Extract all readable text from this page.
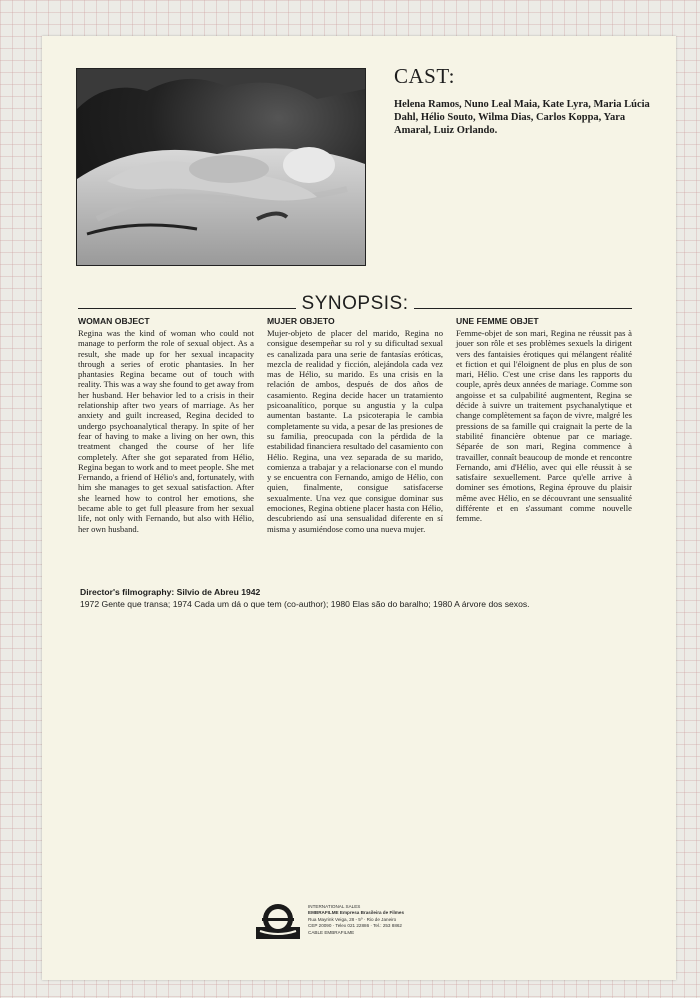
CAST:
Helena Ramos, Nuno Leal Maia, Kate Lyra, Maria Lúcia Dahl, Hélio Souto, Wilma Dias, Carlos Koppa, Yara Amaral, Luiz Orlando.
SYNOPSIS:
WOMAN OBJECT

Regina was the kind of woman who could not manage to perform the role of sexual object. As a result, she made up for her sexual incapacity through a series of erotic phantasies. In her phantasies Regina became out of touch with reality. This was a way she found to get away from her husband. Her behavior led to a crisis in their relationship after two years of marriage. As her anxiety and guilt increased, Regina decided to undergo psychoanalytical therapy. In spite of her fear of having to make a living on her own, this treatment changed the course of her life completely. After she got separated from Hélio, Regina began to work and to meet people. She met Fernando, a friend of Hélio's and, fortunately, with him she manages to get sexual satisfaction. After she learned how to control her emotions, she became able to get full pleasure from her sexual life, not only with Fernando, but also with Hélio, her own husband.

MUJER OBJETO

Mujer-objeto de placer del marido, Regina no consigue desempeñar su rol y su dificultad sexual es canalizada para una serie de fantasías eróticas, mezcla de realidad y ficción, alejándola cada vez mas de Hélio, su marido. Es una crisis en la relación de ambos, después de dos años de casamiento. Regina decide hacer un tratamiento psicoanalítico, porque su angustia y la culpa aumentan bastante. La psicoterapia le cambia completamente su vida, a pesar de las presiones de su familia, preocupada con la pérdida de la estabilidad financiera resultado del casamiento con Hélio. Regina, una vez separada de su marido, comienza a trabajar y a relacionarse con el mundo y se encuentra con Fernando, amigo de Hélio, con quien, finalmente, consigue satisfacerse sexualmente. Una vez que consigue dominar sus emociones, Regina obtiene placer hasta con Hélio, descubriendo así una sensualidad diferente en sí misma y asumiéndose como una nueva mujer.

UNE FEMME OBJET

Femme-objet de son mari, Regina ne réussit pas à jouer son rôle et ses problèmes sexuels la dirigent vers des fantaisies érotiques qui mélangent réalité et fiction et qui l'éloignent de plus en plus de son mari, Hélio. C'est une crise dans les rapports du couple, après deux années de mariage. Comme son angoisse et sa culpabilité augmentent, Regina se décide à suivre un traitement psychanalytique et change complètement sa façon de vivre, malgré les pressions de sa famille qui craignait la perte de la stabilité financière obtenue par ce mariage. Séparée de son mari, Regina commence à travailler, connaît beaucoup de monde et rencontre Fernando, ami d'Hélio, avec qui elle réussit à se satisfaire sexuellement. Parce qu'elle arrive à dominer ses émotions, Regina éprouve du plaisir même avec Hélio, en se découvrant une sensualité différente et en s'assumant comme nouvelle femme.

Director's filmography: Silvio de Abreu 1942
1972 Gente que transa; 1974 Cada um dá o que tem (co-author); 1980 Elas são do baralho; 1980 A árvore dos sexos.
INTERNATIONAL SALES
EMBRAFILME Empresa Brasileira de Filmes
Rua Mayrink Veiga, 28 - 5º · Rio de Janeiro
CEP 20090 · Telex 021 22886 · Tel.: 253 8862
CABLE EMBRAFILME
